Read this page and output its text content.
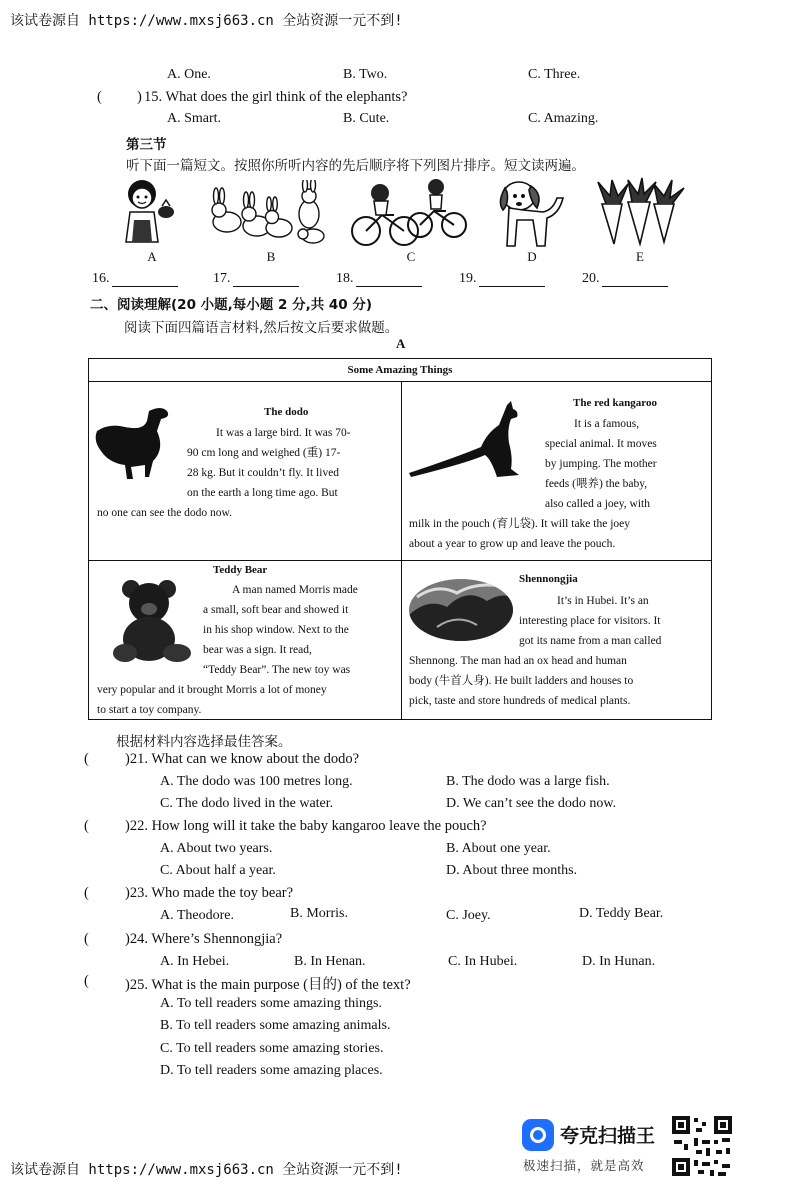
该试卷源自 https://www.mxsj663.cn 全站资源一元不到!
A. One.	B. Two.	C. Three.
( ) 15. What does the girl think of the elephants?
A. Smart.	B. Cute.	C. Amazing.
第三节
听下面一篇短文。按照你所听内容的先后顺序将下列图片排序。短文读两遍。
A	B	C	D	E
16.	17.	18.	19.	20.
二、阅读理解(20 小题,每小题 2 分,共 40 分)
阅读下面四篇语言材料,然后按文后要求做题。
A
Some Amazing Things
The dodo
It was a large bird. It was 70-
90 cm long and weighed (重) 17-
28 kg. But it couldn’t fly. It lived
on the earth a long time ago. But
no one can see the dodo now.
The red kangaroo
It is a famous,
special animal. It moves
by jumping. The mother
feeds (喂养) the baby,
also called a joey, with
milk in the pouch (育儿袋). It will take the joey
about a year to grow up and leave the pouch.
Teddy Bear
A man named Morris made
a small, soft bear and showed it
in his shop window. Next to the
bear was a sign. It read,
“Teddy Bear”. The new toy was
very popular and it brought Morris a lot of money
to start a toy company.
Shennongjia
It’s in Hubei. It’s an
interesting place for visitors. It
got its name from a man called
Shennong. The man had an ox head and human
body (牛首人身). He built ladders and houses to
pick, taste and store hundreds of medical plants.
根据材料内容选择最佳答案。
( )21. What can we know about the dodo?
A. The dodo was 100 metres long.	B. The dodo was a large fish.
C. The dodo lived in the water.	D. We can’t see the dodo now.
( )22. How long will it take the baby kangaroo leave the pouch?
A. About two years.	B. About one year.
C. About half a year.	D. About three months.
( )23. Who made the toy bear?
A. Theodore.	B. Morris.	C. Joey.	D. Teddy Bear.
( )24. Where’s Shennongjia?
A. In Hebei.	B. In Henan.	C. In Hubei.	D. In Hunan.
( )25. What is the main purpose (目的) of the text?
A. To tell readers some amazing things.
B. To tell readers some amazing animals.
C. To tell readers some amazing stories.
D. To tell readers some amazing places.
夸克扫描王
极速扫描，就是高效
该试卷源自 https://www.mxsj663.cn 全站资源一元不到!
